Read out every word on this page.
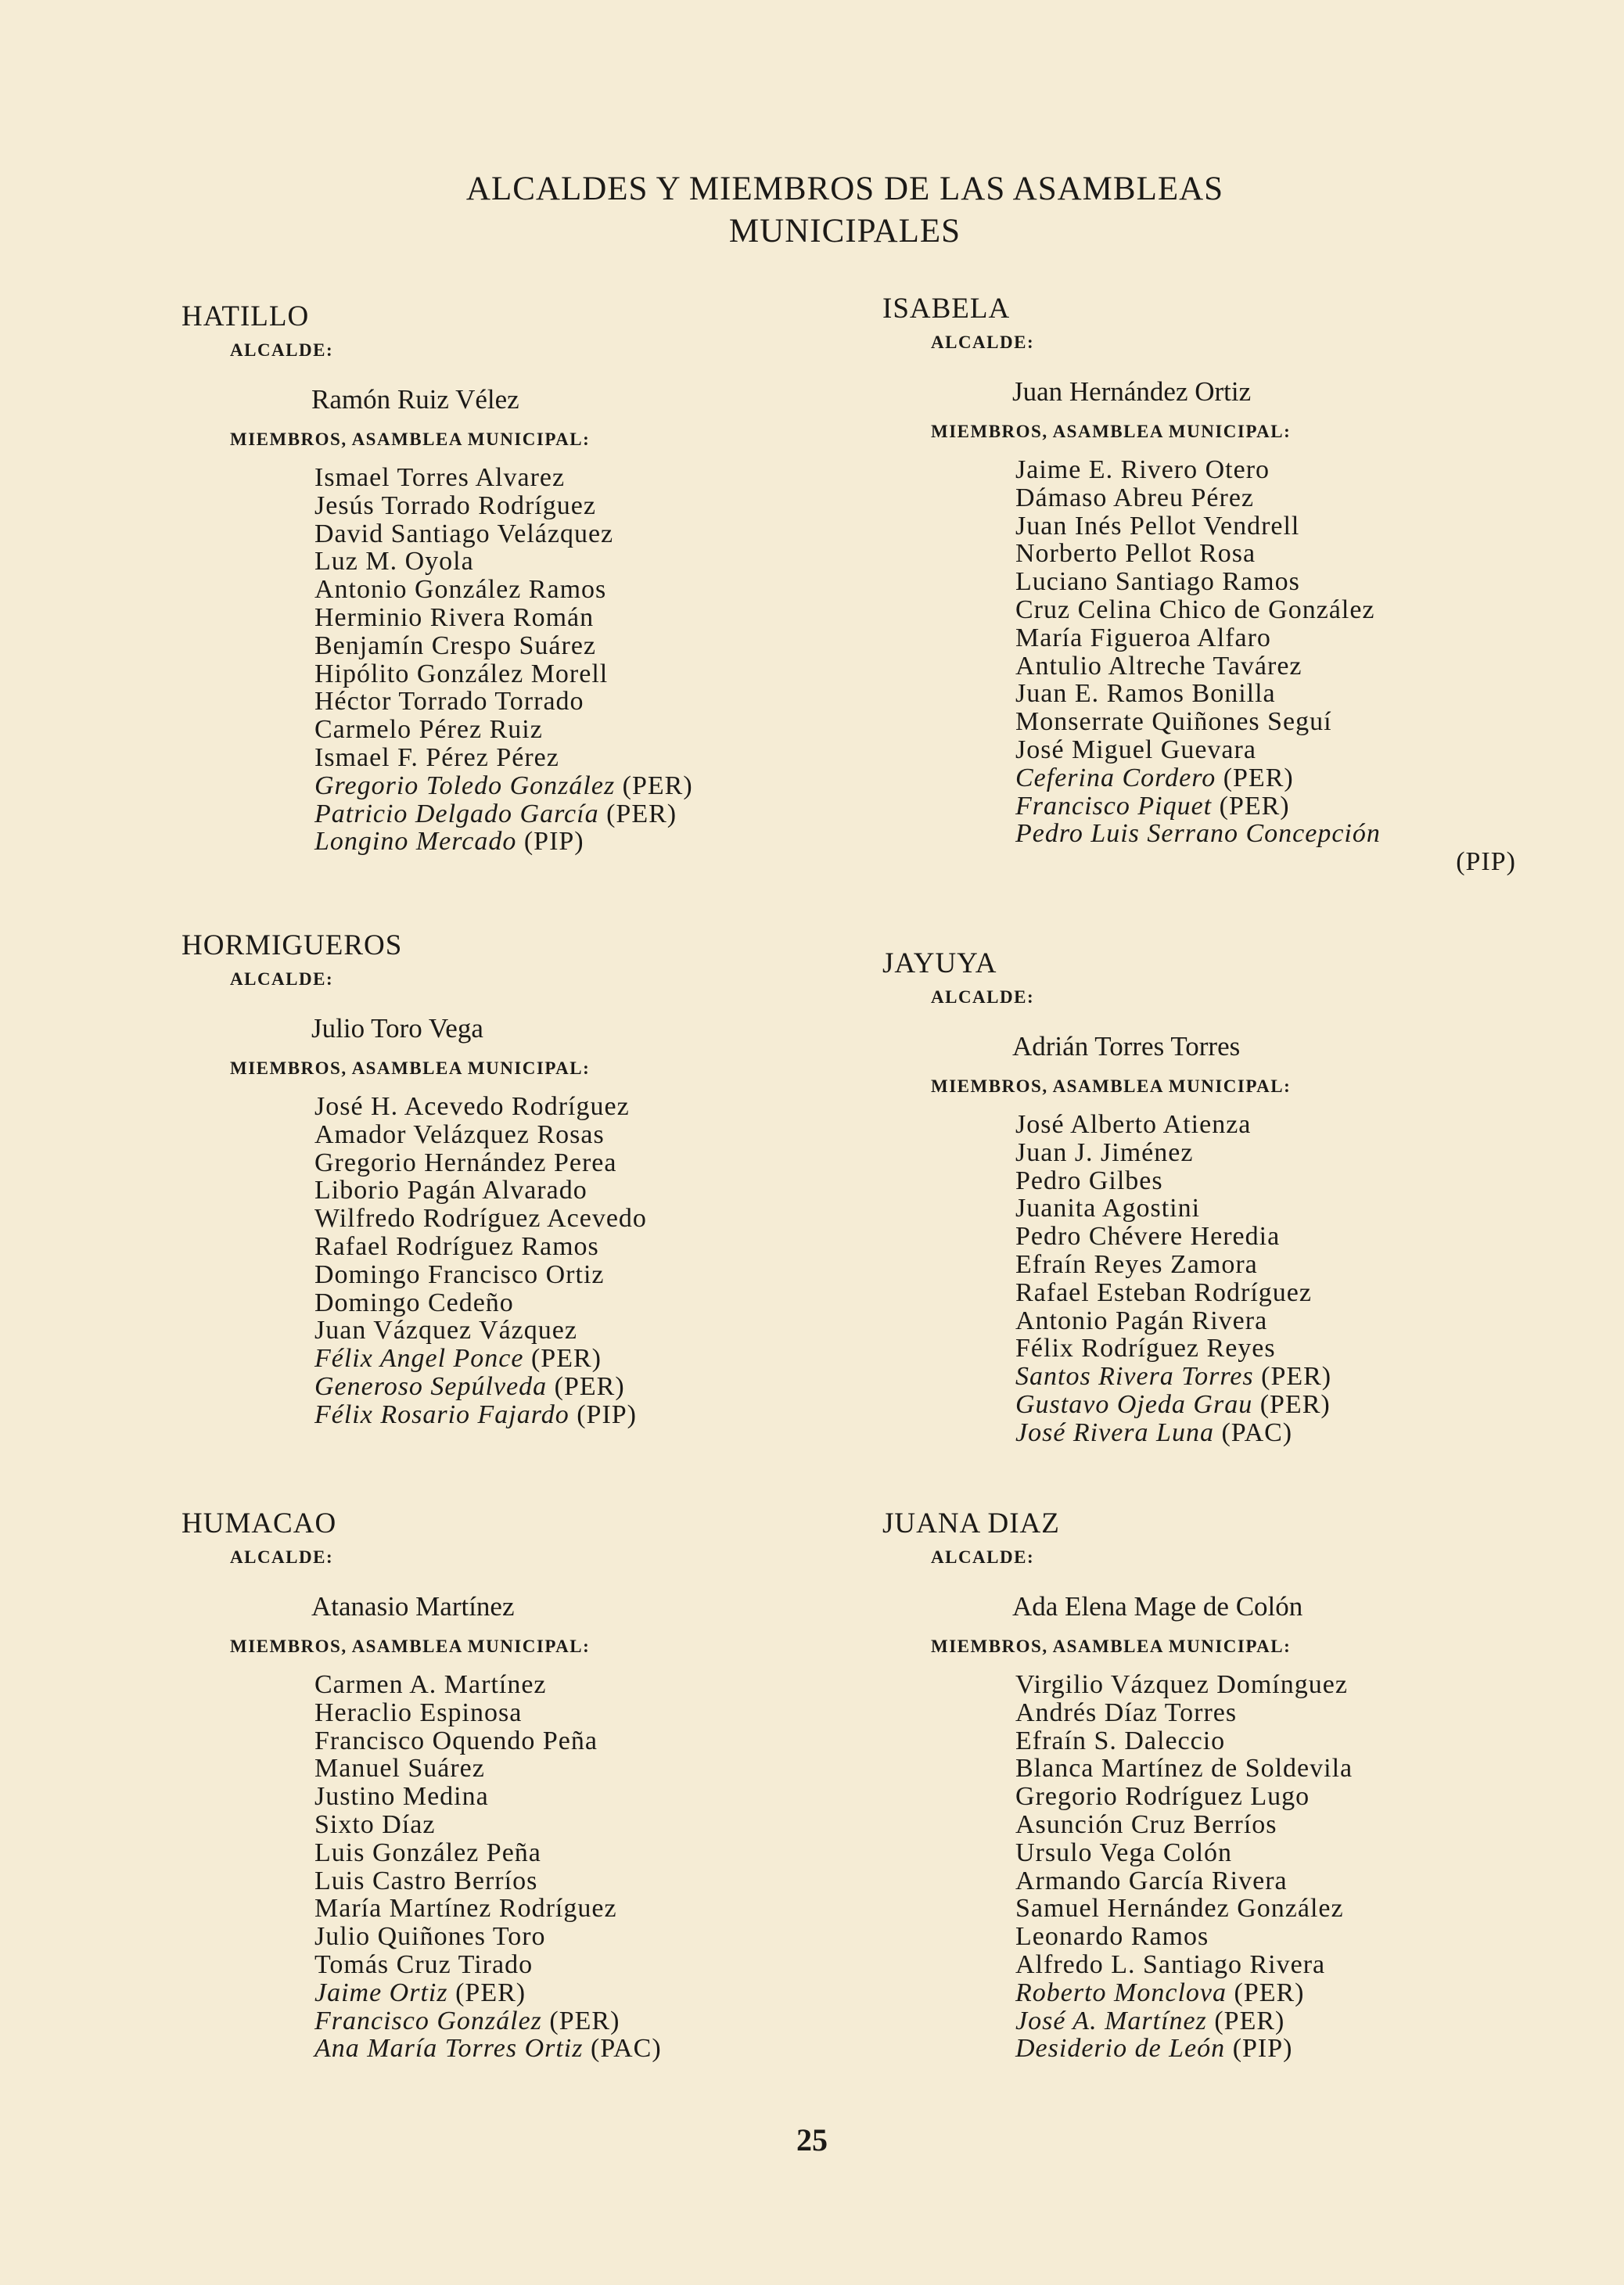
ALCALDES Y MIEMBROS DE LAS ASAMBLEAS
MUNICIPALES
HATILLO
ALCALDE:
Ramón Ruiz Vélez
MIEMBROS, ASAMBLEA MUNICIPAL:
Ismael Torres Alvarez
Jesús Torrado Rodríguez
David Santiago Velázquez
Luz M. Oyola
Antonio González Ramos
Herminio Rivera Román
Benjamín Crespo Suárez
Hipólito González Morell
Héctor Torrado Torrado
Carmelo Pérez Ruiz
Ismael F. Pérez Pérez
Gregorio Toledo González (PER)
Patricio Delgado García (PER)
Longino Mercado (PIP)
HORMIGUEROS
ALCALDE:
Julio Toro Vega
MIEMBROS, ASAMBLEA MUNICIPAL:
José H. Acevedo Rodríguez
Amador Velázquez Rosas
Gregorio Hernández Perea
Liborio Pagán Alvarado
Wilfredo Rodríguez Acevedo
Rafael Rodríguez Ramos
Domingo Francisco Ortiz
Domingo Cedeño
Juan Vázquez Vázquez
Félix Angel Ponce (PER)
Generoso Sepúlveda (PER)
Félix Rosario Fajardo (PIP)
HUMACAO
ALCALDE:
Atanasio Martínez
MIEMBROS, ASAMBLEA MUNICIPAL:
Carmen A. Martínez
Heraclio Espinosa
Francisco Oquendo Peña
Manuel Suárez
Justino Medina
Sixto Díaz
Luis González Peña
Luis Castro Berríos
María Martínez Rodríguez
Julio Quiñones Toro
Tomás Cruz Tirado
Jaime Ortiz (PER)
Francisco González (PER)
Ana María Torres Ortiz (PAC)
ISABELA
ALCALDE:
Juan Hernández Ortiz
MIEMBROS, ASAMBLEA MUNICIPAL:
Jaime E. Rivero Otero
Dámaso Abreu Pérez
Juan Inés Pellot Vendrell
Norberto Pellot Rosa
Luciano Santiago Ramos
Cruz Celina Chico de González
María Figueroa Alfaro
Antulio Altreche Tavárez
Juan E. Ramos Bonilla
Monserrate Quiñones Seguí
José Miguel Guevara
Ceferina Cordero (PER)
Francisco Piquet (PER)
Pedro Luis Serrano Concepción
(PIP)
JAYUYA
ALCALDE:
Adrián Torres Torres
MIEMBROS, ASAMBLEA MUNICIPAL:
José Alberto Atienza
Juan J. Jiménez
Pedro Gilbes
Juanita Agostini
Pedro Chévere Heredia
Efraín Reyes Zamora
Rafael Esteban Rodríguez
Antonio Pagán Rivera
Félix Rodríguez Reyes
Santos Rivera Torres (PER)
Gustavo Ojeda Grau (PER)
José Rivera Luna (PAC)
JUANA DIAZ
ALCALDE:
Ada Elena Mage de Colón
MIEMBROS, ASAMBLEA MUNICIPAL:
Virgilio Vázquez Domínguez
Andrés Díaz Torres
Efraín S. Daleccio
Blanca Martínez de Soldevila
Gregorio Rodríguez Lugo
Asunción Cruz Berríos
Ursulo Vega Colón
Armando García Rivera
Samuel Hernández González
Leonardo Ramos
Alfredo L. Santiago Rivera
Roberto Monclova (PER)
José A. Martínez (PER)
Desiderio de León (PIP)
25
